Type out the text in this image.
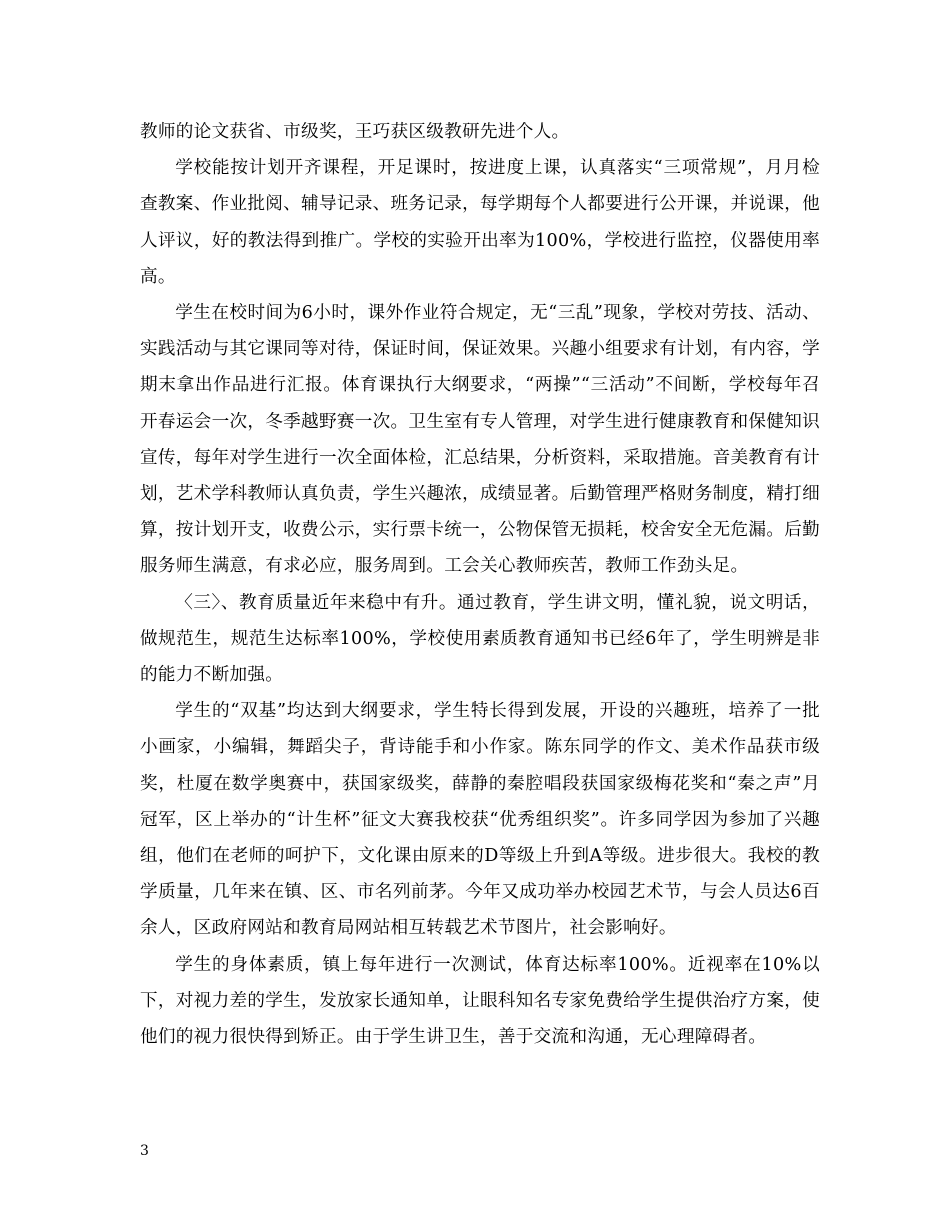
教师的论文获省、市级奖，王巧获区级教研先进个人。

学校能按计划开齐课程，开足课时，按进度上课，认真落实“三项常规”，月月检查教案、作业批阅、辅导记录、班务记录，每学期每个人都要进行公开课，并说课，他人评议，好的教法得到推广。学校的实验开出率为100%，学校进行监控，仪器使用率高。

学生在校时间为6小时，课外作业符合规定，无“三乱”现象，学校对劳技、活动、实践活动与其它课同等对待，保证时间，保证效果。兴趣小组要求有计划，有内容，学期末拿出作品进行汇报。体育课执行大纲要求，“两操”“三活动”不间断，学校每年召开春运会一次，冬季越野赛一次。卫生室有专人管理，对学生进行健康教育和保健知识宣传，每年对学生进行一次全面体检，汇总结果，分析资料，采取措施。音美教育有计划，艺术学科教师认真负责，学生兴趣浓，成绩显著。后勤管理严格财务制度，精打细算，按计划开支，收费公示，实行票卡统一，公物保管无损耗，校舍安全无危漏。后勤服务师生满意，有求必应，服务周到。工会关心教师疾苦，教师工作劲头足。

〈三〉、教育质量近年来稳中有升。通过教育，学生讲文明，懂礼貌，说文明话，做规范生，规范生达标率100%，学校使用素质教育通知书已经6年了，学生明辨是非的能力不断加强。

学生的“双基”均达到大纲要求，学生特长得到发展，开设的兴趣班，培养了一批小画家，小编辑，舞蹈尖子，背诗能手和小作家。陈东同学的作文、美术作品获市级奖，杜厦在数学奥赛中，获国家级奖，薛静的秦腔唱段获国家级梅花奖和“秦之声”月冠军，区上举办的“计生杯”征文大赛我校获“优秀组织奖”。许多同学因为参加了兴趣组，他们在老师的呵护下，文化课由原来的D等级上升到A等级。进步很大。我校的教学质量，几年来在镇、区、市名列前茅。今年又成功举办校园艺术节，与会人员达6百余人，区政府网站和教育局网站相互转载艺术节图片，社会影响好。

学生的身体素质，镇上每年进行一次测试，体育达标率100%。近视率在10%以下，对视力差的学生，发放家长通知单，让眼科知名专家免费给学生提供治疗方案，使他们的视力很快得到矫正。由于学生讲卫生，善于交流和沟通，无心理障碍者。

3
